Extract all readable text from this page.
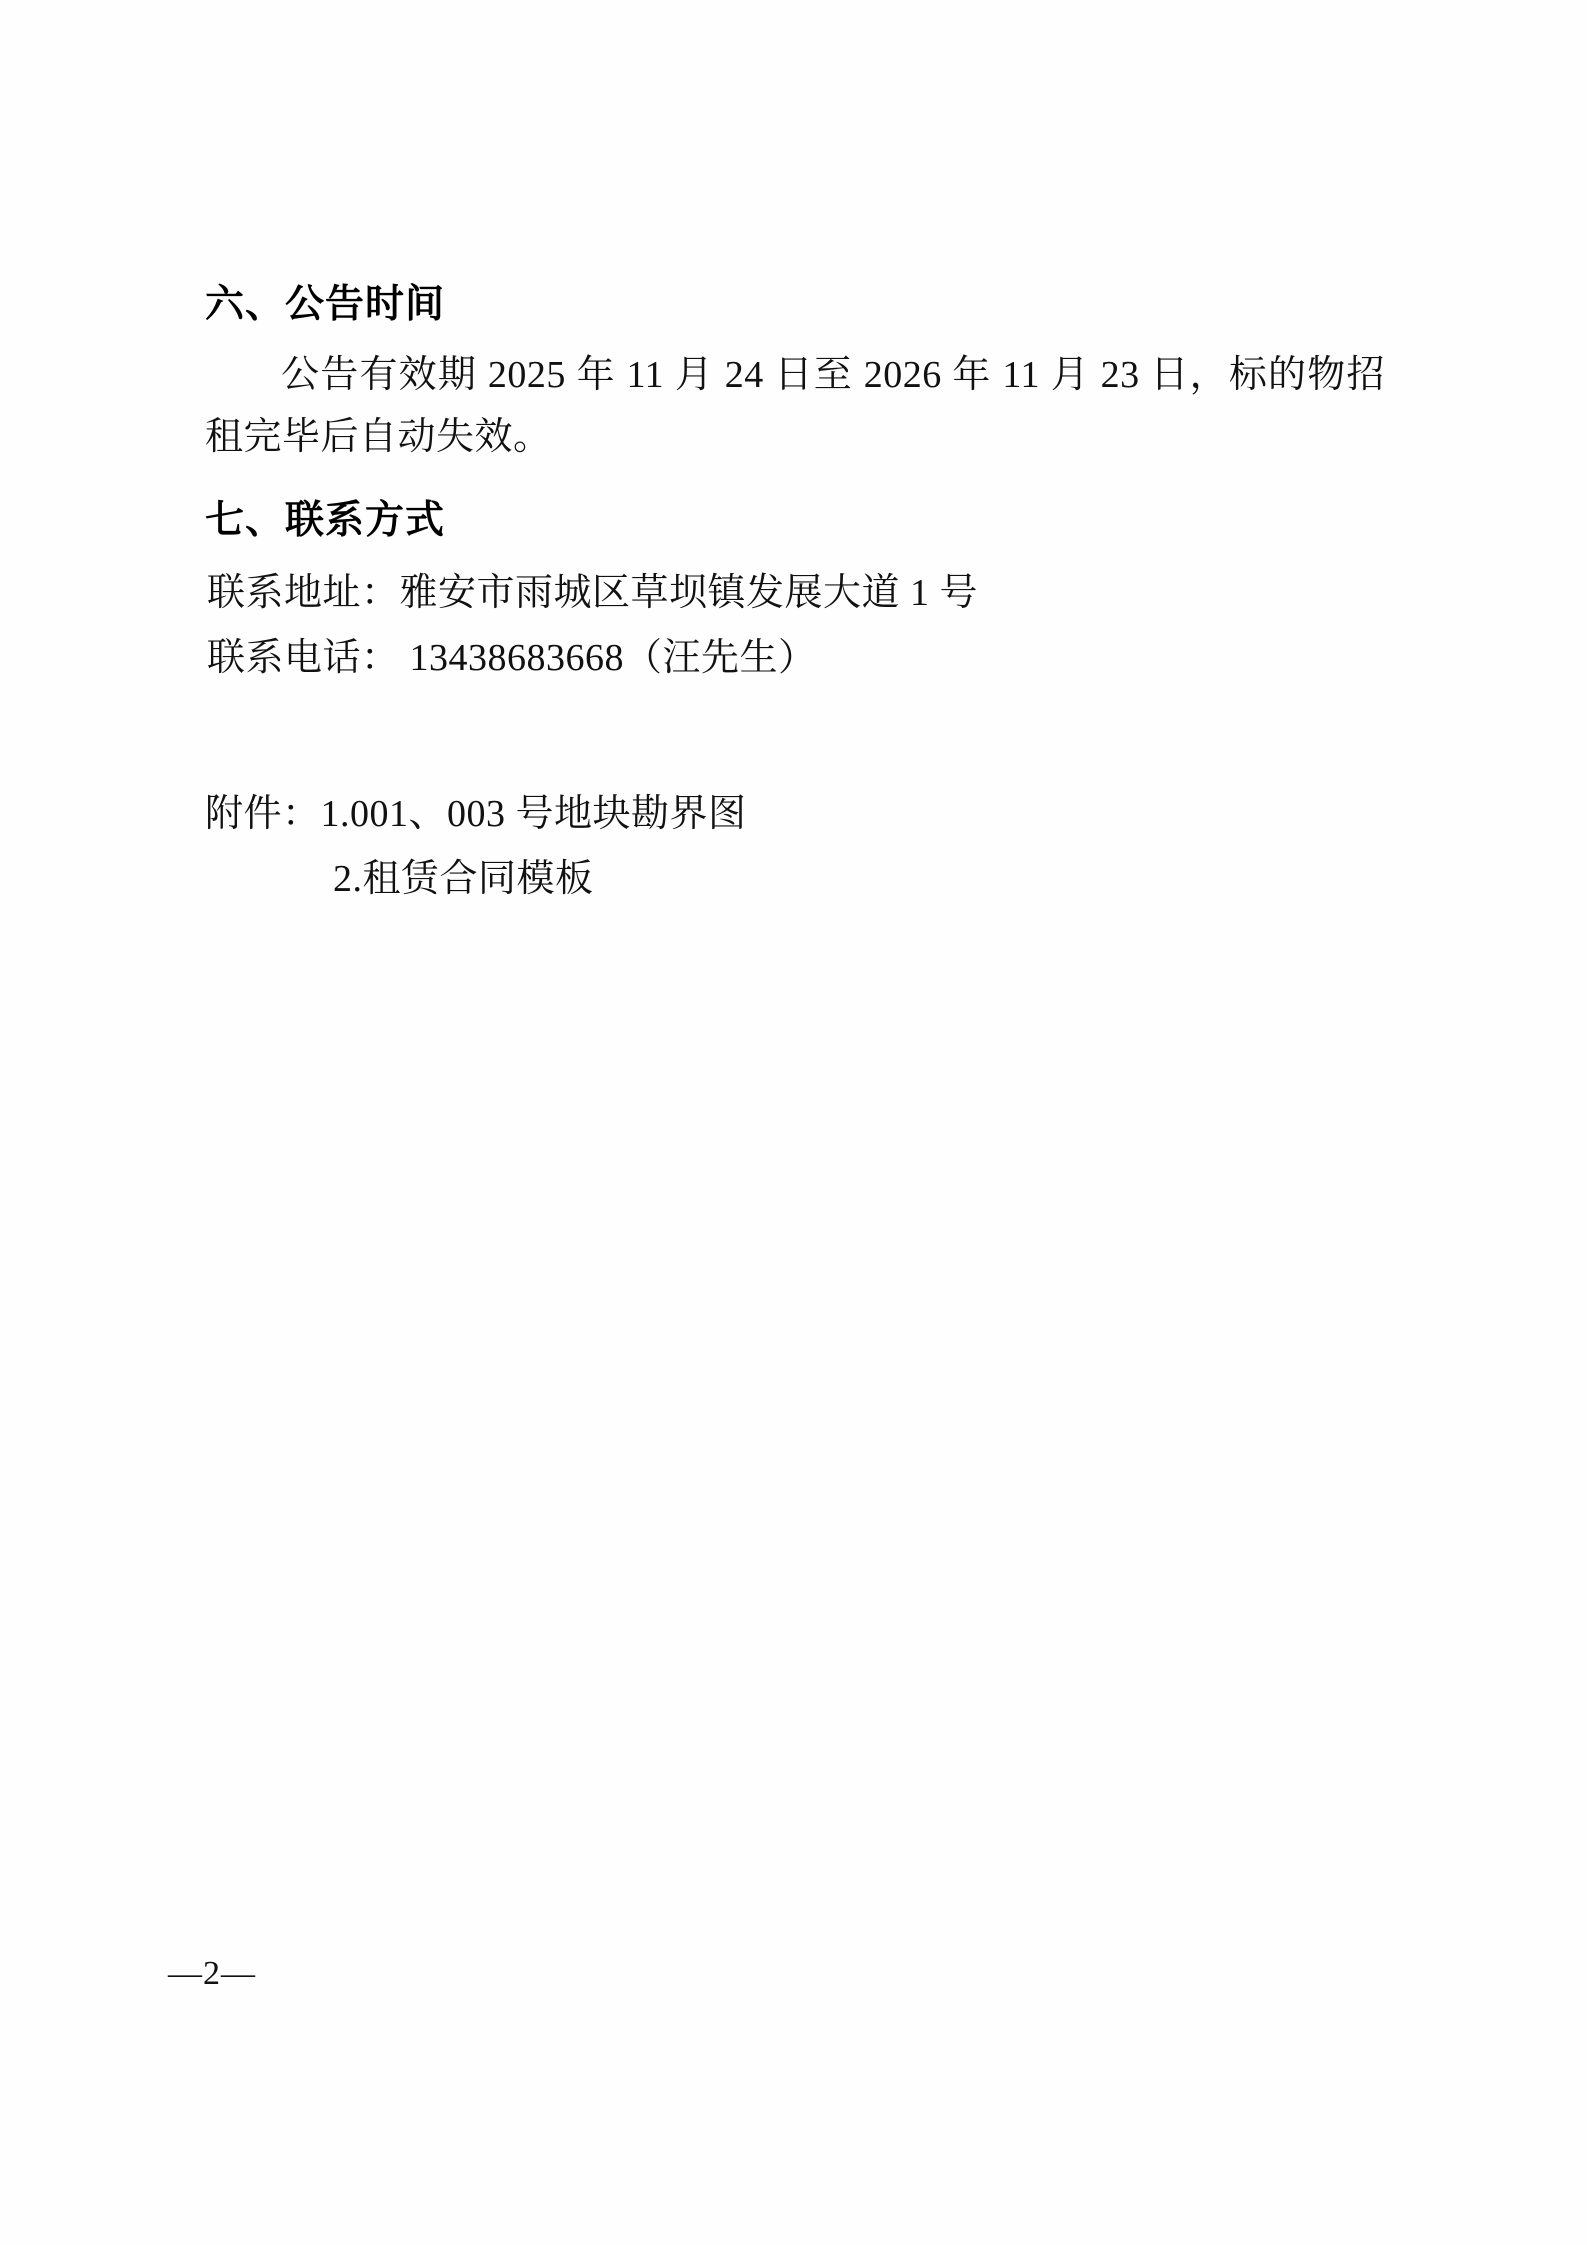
六、公告时间

公告有效期 2025 年 11 月 24 日至 2026 年 11 月 23 日，标的物招租完毕后自动失效。

七、联系方式

联系地址：雅安市雨城区草坝镇发展大道 1 号

联系电话： 13438683668（汪先生）

附件：1.001、003 号地块勘界图

2.租赁合同模板

—2—
